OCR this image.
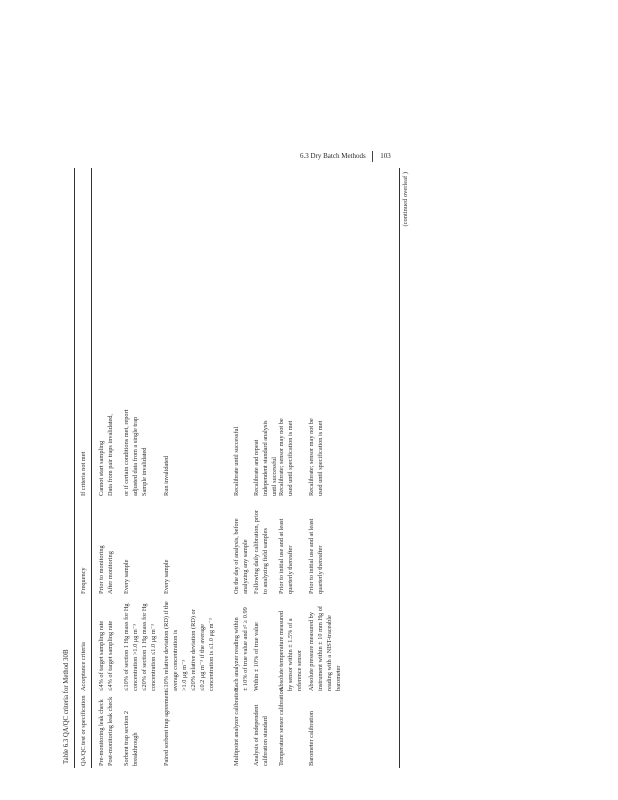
6.3 Dry Batch Methods 103
Table 6.3 QA/QC criteria for Method 30B QA/QC test or specification
Acceptance criteria
Frequency
If criteria not met
Pre-monitoring leak check Post-monitoring leak check
≤4% of target sampling rate ≤4% of target sampling rate
Prior to monitoring After monitoring
Cannot start sampling Data from pair traps invalidated,
Sorbent trap section 2 breakthrough
≤10% of section 1 Hg mass for Hg concentration >1.0 μg m⁻³ ≤20% of section 1 Hg mass for Hg concentration ≤1.0 μg m⁻³
Every sample
or if certain conditions met, report adjusted data from a single trap Sample invalidated
Paired sorbent trap agreement
≤10% relative deviation (RD) if the average concentration is >1.0 μg m⁻³ ≤20% relative deviation (RD) or ≤0.2 μg m⁻³ if the average concentration is ≤1.0 μg m⁻³
Every sample
Run invalidated
Multipoint analyzer calibration
Each analyzer reading within ± 10% of true value and r² ≥ 0.99
On the day of analysis, before analyzing any sample
Recalibrate until successful
Analysis of independent calibration standard
Within ± 10% of true value
Following daily calibration, prior to analyzing field samples
Recalibrate and repeat independent standard analysis until successful
Temperature sensor calibration
Absolute temperature measured by sensor within ± 1.5% of a reference sensor
Prior to initial use and at least quarterly thereafter
Recalibrate; sensor may not be used until specification is met
Barometer calibration
Absolute pressure measured by instrument within ± 10 mm Hg of reading with a NIST-traceable barometer
Prior to initial use and at least quarterly thereafter
Recalibrate; sensor may not be used until specification is met
(continued overleaf )
